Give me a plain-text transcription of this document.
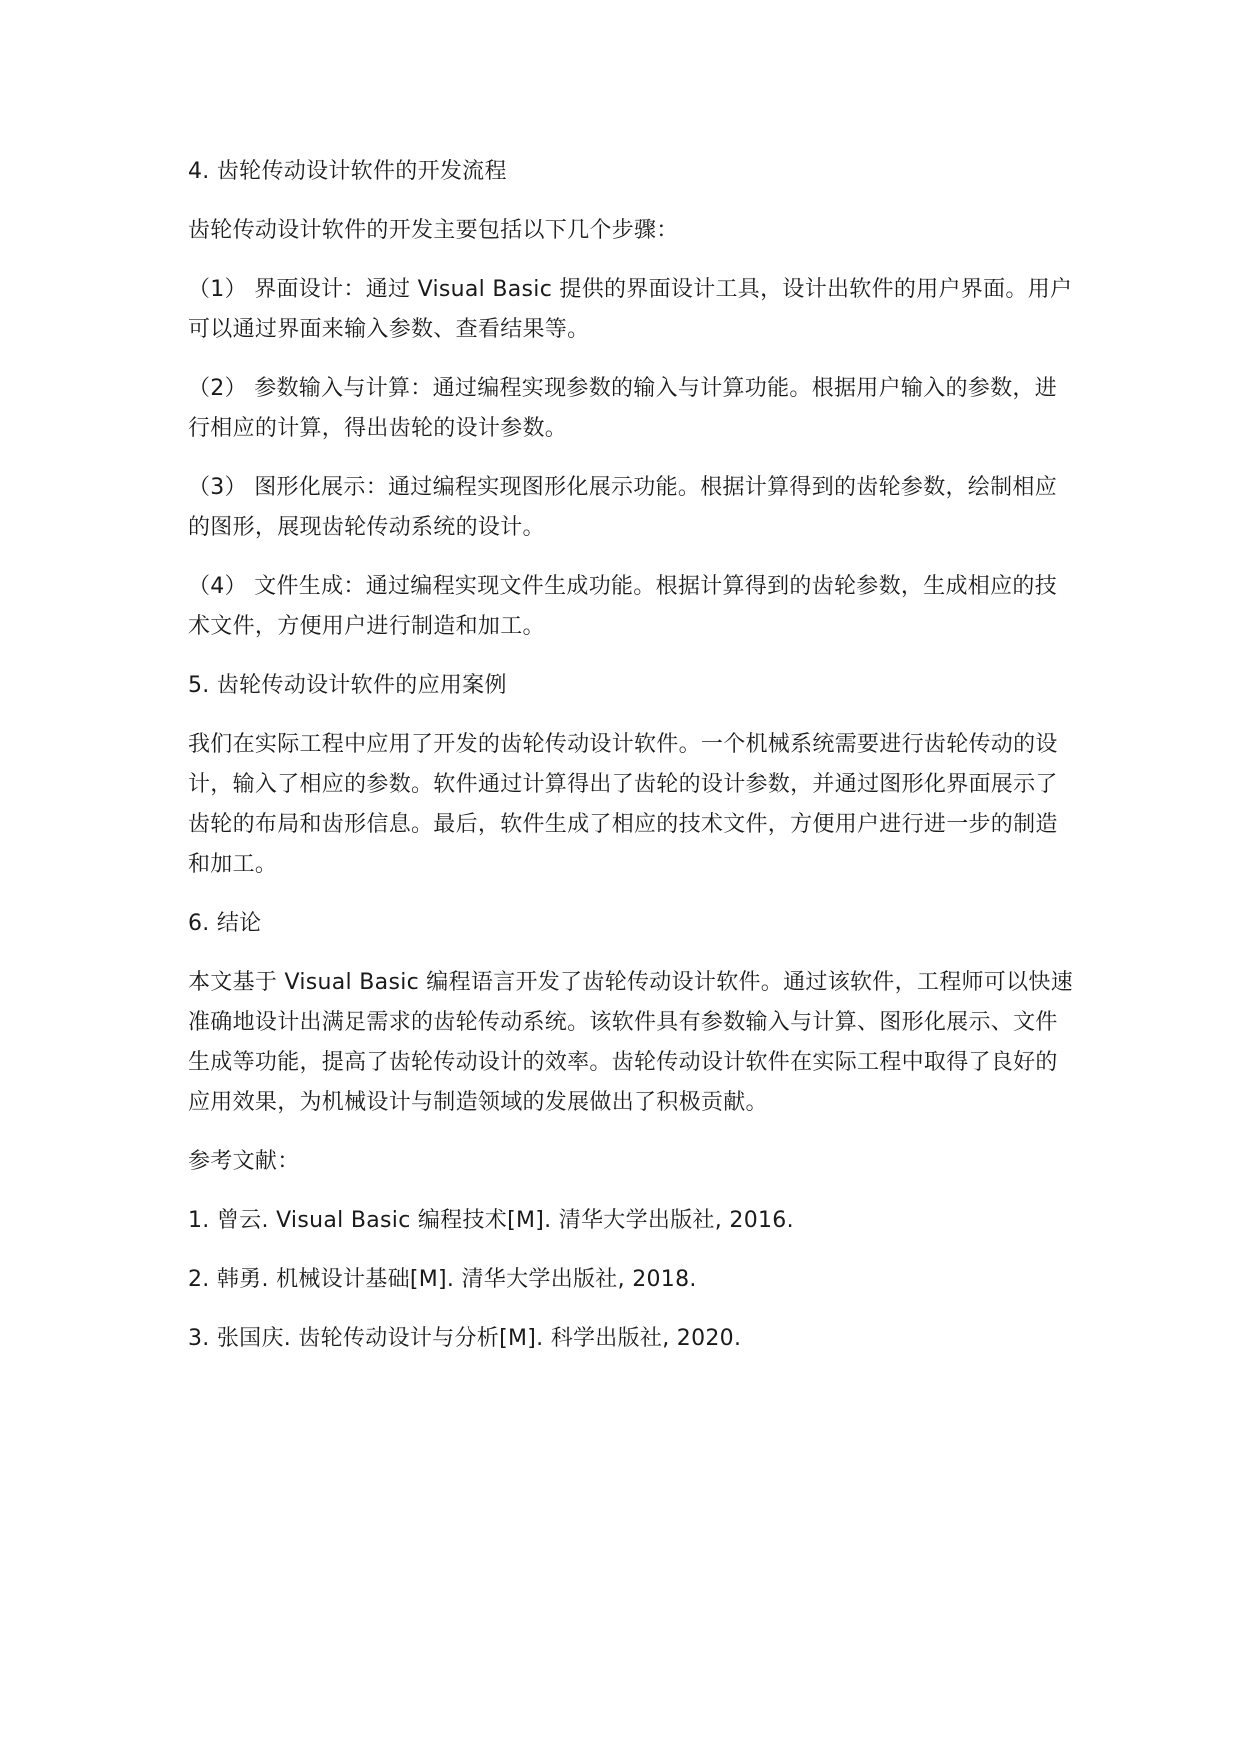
4. 齿轮传动设计软件的开发流程

齿轮传动设计软件的开发主要包括以下几个步骤：

（1） 界面设计：通过 Visual Basic 提供的界面设计工具，设计出软件的用户界面。用户可以通过界面来输入参数、查看结果等。

（2） 参数输入与计算：通过编程实现参数的输入与计算功能。根据用户输入的参数，进行相应的计算，得出齿轮的设计参数。

（3） 图形化展示：通过编程实现图形化展示功能。根据计算得到的齿轮参数，绘制相应的图形，展现齿轮传动系统的设计。

（4） 文件生成：通过编程实现文件生成功能。根据计算得到的齿轮参数，生成相应的技术文件，方便用户进行制造和加工。

5. 齿轮传动设计软件的应用案例

我们在实际工程中应用了开发的齿轮传动设计软件。一个机械系统需要进行齿轮传动的设计，输入了相应的参数。软件通过计算得出了齿轮的设计参数，并通过图形化界面展示了齿轮的布局和齿形信息。最后，软件生成了相应的技术文件，方便用户进行进一步的制造和加工。

6. 结论

本文基于 Visual Basic 编程语言开发了齿轮传动设计软件。通过该软件，工程师可以快速准确地设计出满足需求的齿轮传动系统。该软件具有参数输入与计算、图形化展示、文件生成等功能，提高了齿轮传动设计的效率。齿轮传动设计软件在实际工程中取得了良好的应用效果，为机械设计与制造领域的发展做出了积极贡献。

参考文献：

1. 曾云. Visual Basic 编程技术[M]. 清华大学出版社, 2016.

2. 韩勇. 机械设计基础[M]. 清华大学出版社, 2018.

3. 张国庆. 齿轮传动设计与分析[M]. 科学出版社, 2020.
